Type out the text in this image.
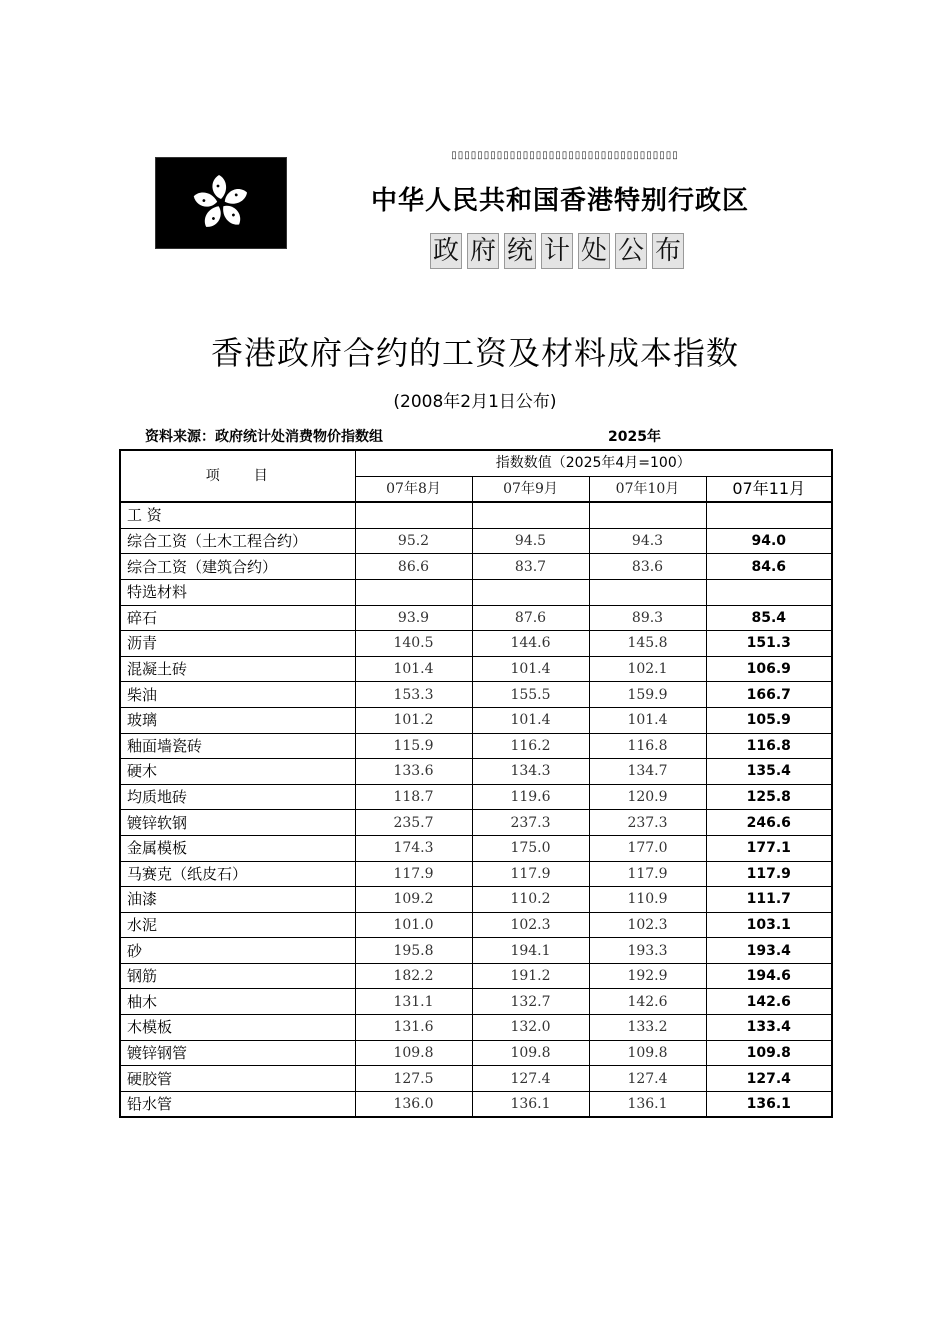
▯▯▯▯▯▯▯▯▯▯▯▯▯▯▯▯▯▯▯▯▯▯▯▯▯▯▯▯▯▯▯▯▯▯▯
中华人民共和国香港特别行政区
政 府 统 计 处 公 布
香港政府合约的工资及材料成本指数
(2008年2月1日公布)
资料来源：政府统计处消费物价指数组	2025年
项　　目	指数数值（2025年4月=100）			
	07年8月	07年9月	07年10月	07年11月
工 资				
综合工资（土木工程合约）	95.2	94.5	94.3	94.0
综合工资（建筑合约）	86.6	83.7	83.6	84.6
特选材料				
碎石	93.9	87.6	89.3	85.4
沥青	140.5	144.6	145.8	151.3
混凝土砖	101.4	101.4	102.1	106.9
柴油	153.3	155.5	159.9	166.7
玻璃	101.2	101.4	101.4	105.9
釉面墙瓷砖	115.9	116.2	116.8	116.8
硬木	133.6	134.3	134.7	135.4
均质地砖	118.7	119.6	120.9	125.8
镀锌软钢	235.7	237.3	237.3	246.6
金属模板	174.3	175.0	177.0	177.1
马赛克（纸皮石）	117.9	117.9	117.9	117.9
油漆	109.2	110.2	110.9	111.7
水泥	101.0	102.3	102.3	103.1
砂	195.8	194.1	193.3	193.4
钢筋	182.2	191.2	192.9	194.6
柚木	131.1	132.7	142.6	142.6
木模板	131.6	132.0	133.2	133.4
镀锌钢管	109.8	109.8	109.8	109.8
硬胶管	127.5	127.4	127.4	127.4
铅水管	136.0	136.1	136.1	136.1
